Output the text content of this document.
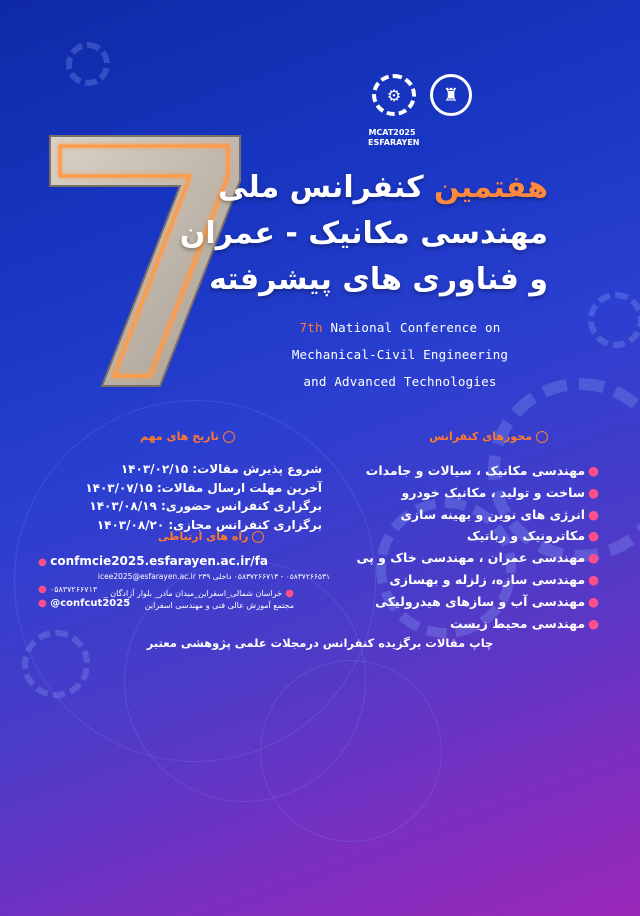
⚙	♜
MCAT2025
ESFARAYEN
هفتمین کنفرانس ملی
مهندسی مکانیک - عمران
و فناوری های پیشرفته
7th National Conference on
Mechanical-Civil Engineering
and Advanced Technologies
محورهای کنفرانس
●مهندسی مکانیک ، سیالات و جامدات
●ساخت و تولید ، مکانیک خودرو
●انرژی های نوین و بهینه سازی
●مکاترونیک و رباتیک
●مهندسی عمران ، مهندسی خاک و پی
●مهندسی سازه، زلزله و بهسازی
●مهندسی آب و سازهای هیدرولیکی
●مهندسی محیط زیست
تاریخ های مهم
شروع پذیرش مقالات: ۱۴۰۳/۰۲/۱۵
آخرین مهلت ارسال مقالات: ۱۴۰۳/۰۷/۱۵
برگزاری کنفرانس حضوری: ۱۴۰۳/۰۸/۱۹
برگزاری کنفرانس مجازی: ۱۴۰۳/۰۸/۲۰
راه های ارتباطی
● confmcie2025.esfarayen.ac.ir/fa
۰۵۸۳۷۲۶۶۵۳۱ - ۰۵۸۳۷۲۶۶۷۱۳ داخلی ۲۳۹ icee2025@esfarayen.ac.ir
● ۰۵۸۳۷۲۶۶۷۱۳
● @confcut2025
● خراسان شمالی_اسفراین_میدان مادر_ بلوار آزادگان _ مجتمع آموزش عالی فنی و مهندسی اسفراین
چاپ مقالات برگزیده کنفرانس درمجلات علمی پژوهشی معتبر
